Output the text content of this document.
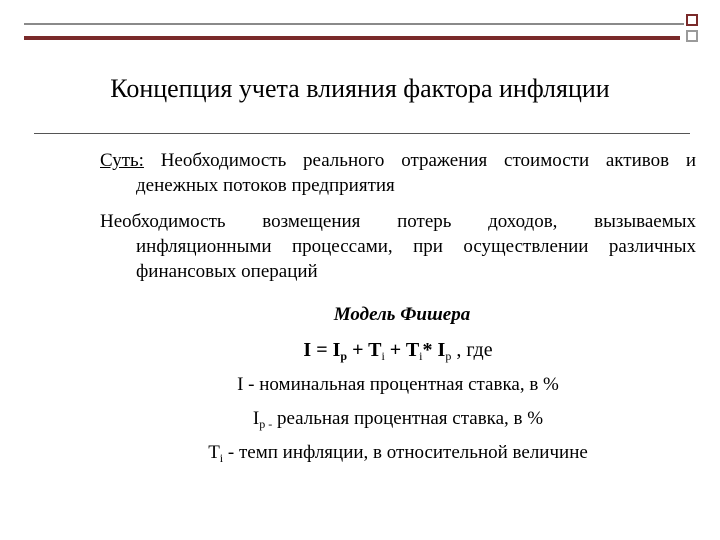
Концепция учета влияния фактора инфляции
Суть: Необходимость реального отражения стоимости активов и денежных потоков предприятия
Необходимость возмещения потерь доходов, вызываемых инфляционными процессами, при осуществлении различных финансовых операций
Модель Фишера
$I = I_p + T_i + T_i*$ $I_p$ , где
I - номинальная процентная ставка, в %
$I_{p -}$ реальная процентная ставка, в %
$T_i$ - темп инфляции, в относительной величине
